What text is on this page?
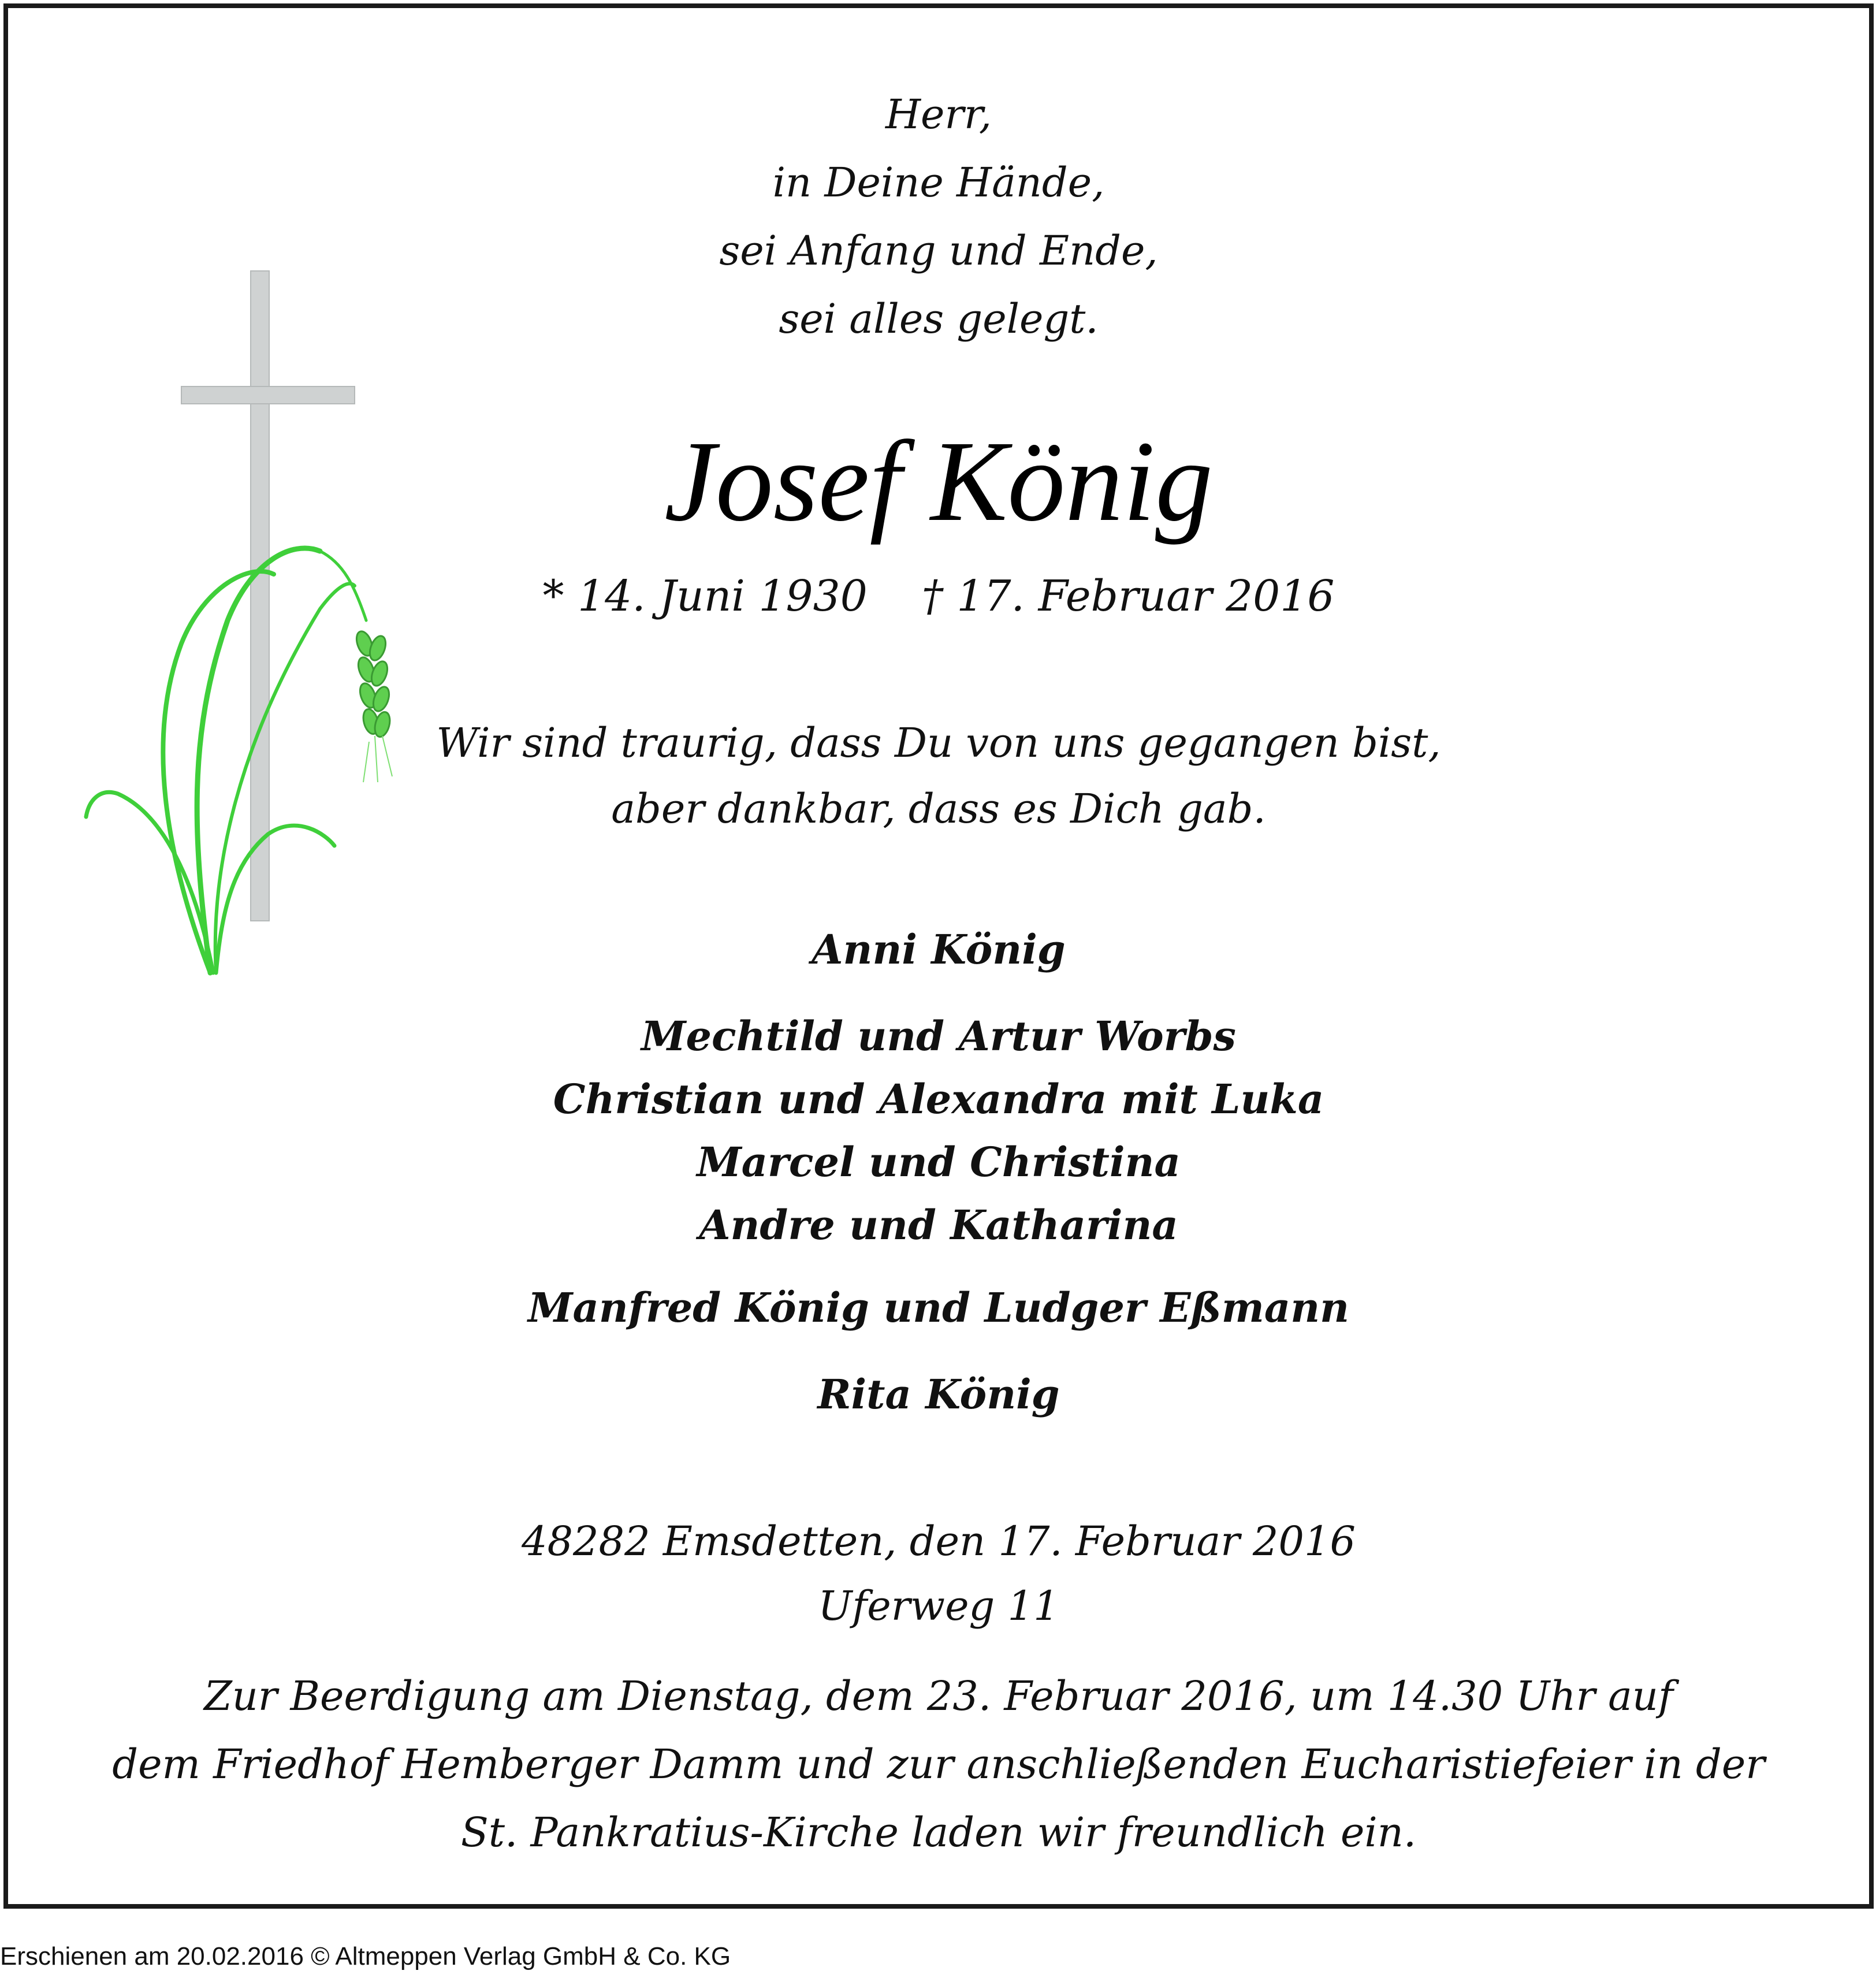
Herr,
in Deine Hände,
sei Anfang und Ende,
sei alles gelegt.
Josef König
* 14. Juni 1930    † 17. Februar 2016
Wir sind traurig, dass Du von uns gegangen bist,
aber dankbar, dass es Dich gab.
Anni König
Mechtild und Artur Worbs
Christian und Alexandra mit Luka
Marcel und Christina
Andre und Katharina
Manfred König und Ludger Eßmann
Rita König
48282 Emsdetten, den 17. Februar 2016
Uferweg 11
Zur Beerdigung am Dienstag, dem 23. Februar 2016, um 14.30 Uhr auf
dem Friedhof Hemberger Damm und zur anschließenden Eucharistiefeier in der
St. Pankratius-Kirche laden wir freundlich ein.
Erschienen am 20.02.2016 © Altmeppen Verlag GmbH & Co. KG
